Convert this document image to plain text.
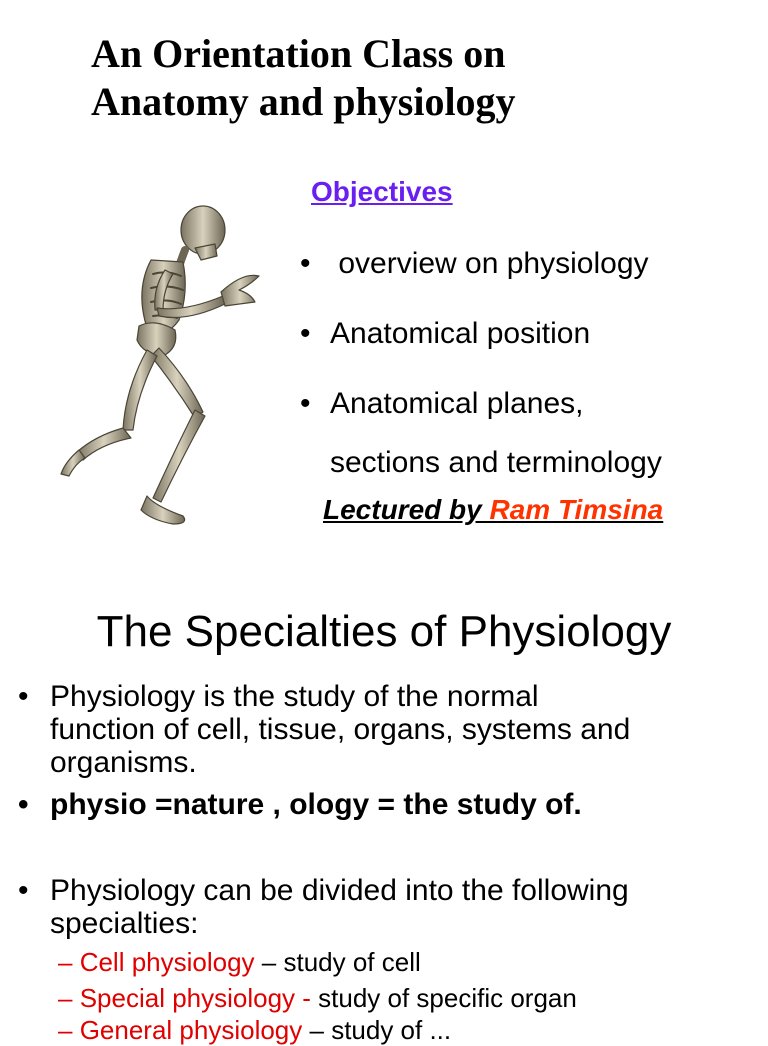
An Orientation Class on
Anatomy and physiology
Objectives
• overview on physiology
• Anatomical position
• Anatomical planes,
sections and terminology
Lectured by Ram Timsina
The Specialties of Physiology
• Physiology is the study of the normal
function of cell, tissue, organs, systems and
organisms.
• physio =nature , ology = the study of.
• Physiology can be divided into the following
specialties:
– Cell physiology – study of cell
– Special physiology - study of specific organ
– General physiology – study of ...
